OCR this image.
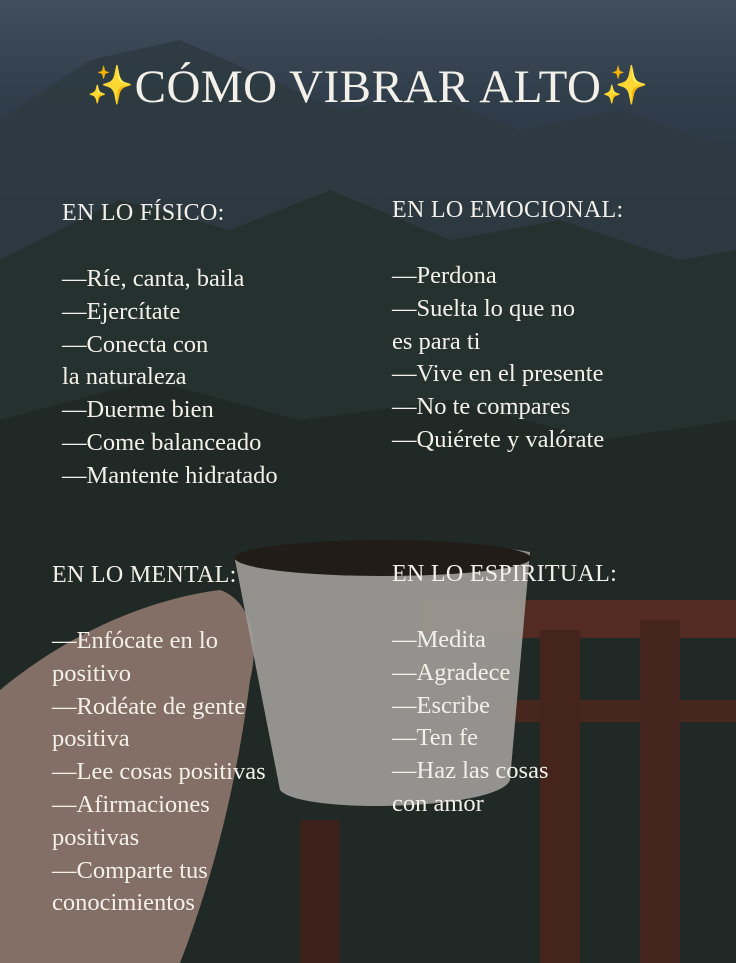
✨CÓMO VIBRAR ALTO✨
EN LO FÍSICO:
—Ríe, canta, baila
—Ejercítate
—Conecta con
la naturaleza
—Duerme bien
—Come balanceado
—Mantente hidratado
EN LO EMOCIONAL:
—Perdona
—Suelta lo que no
es para ti
—Vive en el presente
—No te compares
—Quiérete y valórate
EN LO MENTAL:
—Enfócate en lo
positivo
—Rodéate de gente
positiva
—Lee cosas positivas
—Afirmaciones
positivas
—Comparte tus
conocimientos
EN LO ESPIRITUAL:
—Medita
—Agradece
—Escribe
—Ten fe
—Haz las cosas
con amor
